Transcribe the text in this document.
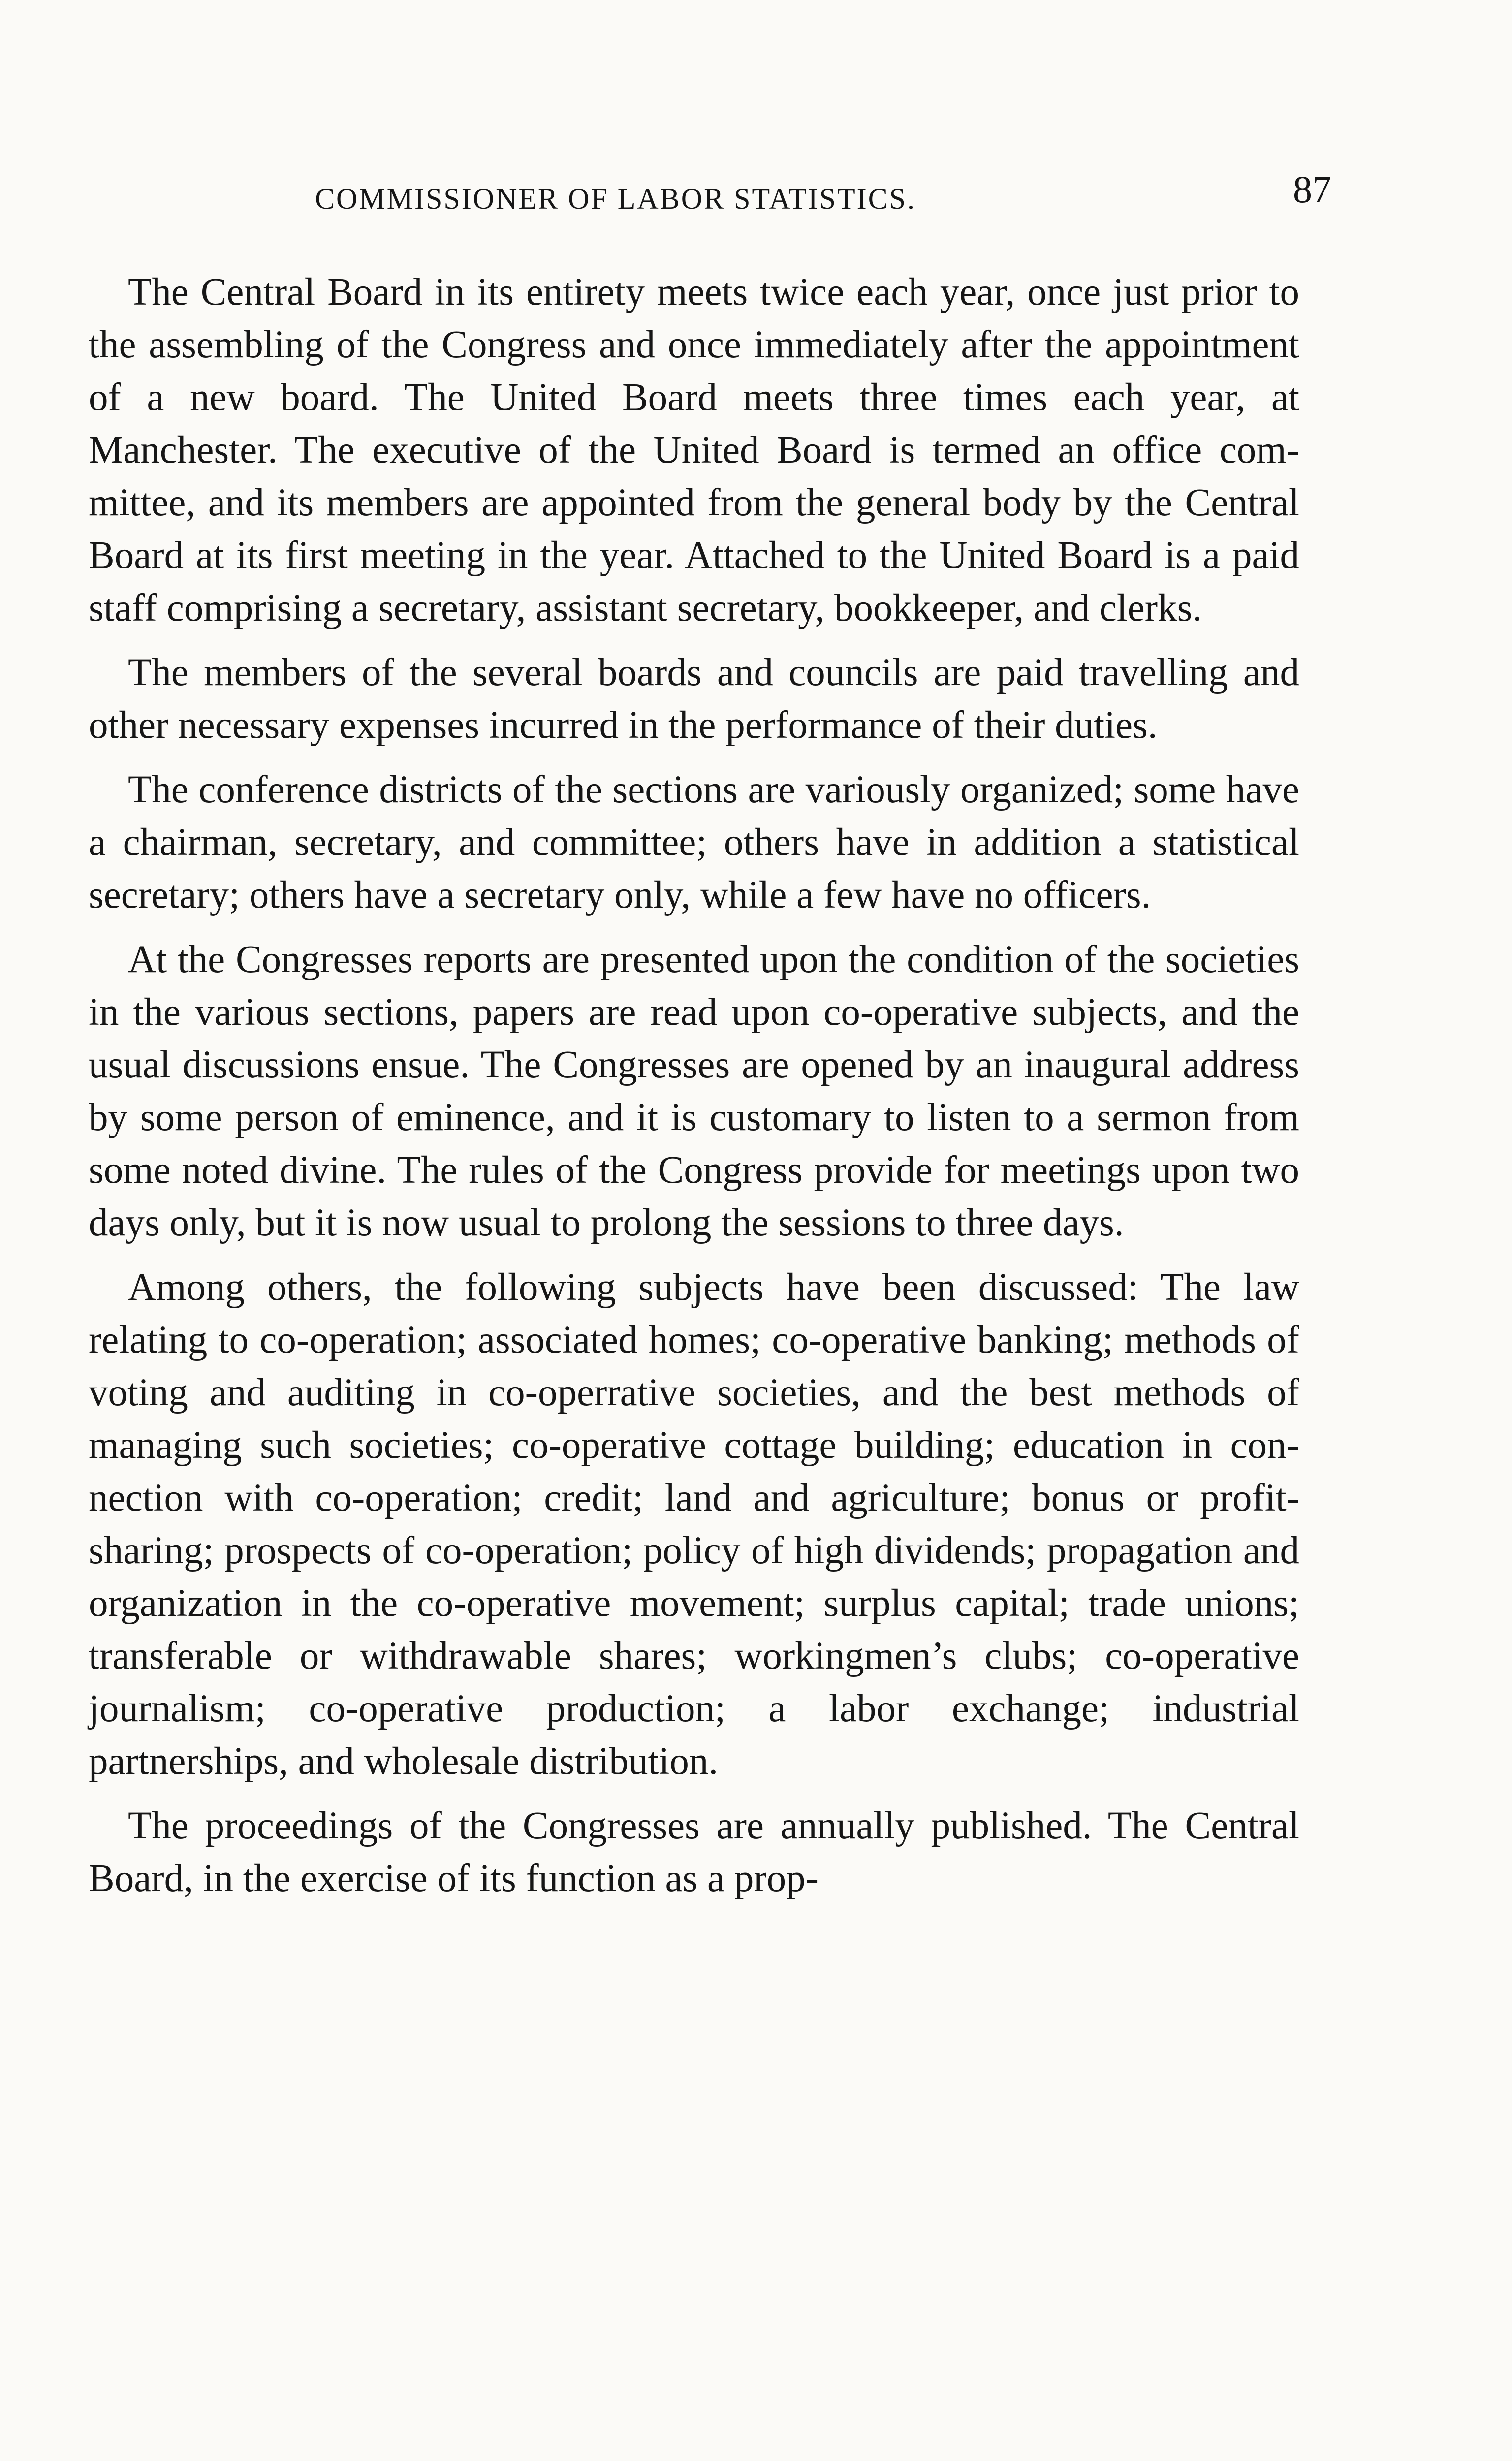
COMMISSIONER OF LABOR STATISTICS.	87

The Central Board in its entirety meets twice each year, once just prior to the assembling of the Congress and once immediately after the appointment of a new board. The United Board meets three times each year, at Manchester. The executive of the United Board is termed an office committee, and its members are appointed from the general body by the Central Board at its first meeting in the year. Attached to the United Board is a paid staff comprising a secretary, assistant secretary, bookkeeper, and clerks.

The members of the several boards and councils are paid travelling and other necessary expenses incurred in the performance of their duties.

The conference districts of the sections are variously organized; some have a chairman, secretary, and committee; others have in addition a statistical secretary; others have a secretary only, while a few have no officers.

At the Congresses reports are presented upon the condition of the societies in the various sections, papers are read upon co-operative subjects, and the usual discussions ensue. The Congresses are opened by an inaugural address by some person of eminence, and it is customary to listen to a sermon from some noted divine. The rules of the Congress provide for meetings upon two days only, but it is now usual to prolong the sessions to three days.

Among others, the following subjects have been discussed: The law relating to co-operation; associated homes; co-operative banking; methods of voting and auditing in co-operrative societies, and the best methods of managing such societies; co-operative cottage building; education in connection with co-operation; credit; land and agriculture; bonus or profit-sharing; prospects of co-operation; policy of high dividends; propagation and organization in the co-operative movement; surplus capital; trade unions; transferable or withdrawable shares; workingmen’s clubs; co-operative journalism; co-operative production; a labor exchange; industrial partnerships, and wholesale distribution.

The proceedings of the Congresses are annually published. The Central Board, in the exercise of its function as a prop-
